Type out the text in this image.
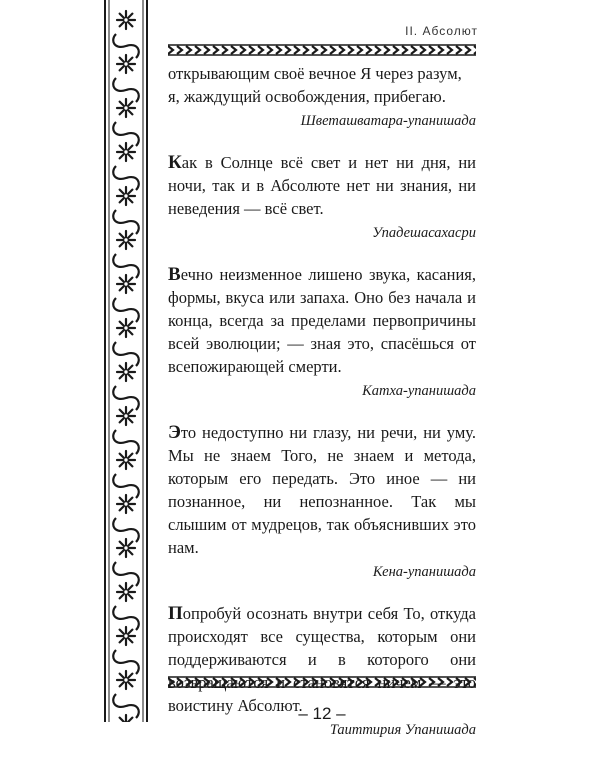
II. Абсолют

открывающим своё вечное Я через разум, я, жаждущий освобождения, прибегаю.

Шветашватара-упанишада

Как в Солнце всё свет и нет ни дня, ни ночи, так и в Абсолюте нет ни знания, ни неведения — всё свет.

Упадешасахасри

Вечно неизменное лишено звука, касания, формы, вкуса или запаха. Оно без начала и конца, всегда за пределами первопричины всей эволюции; — зная это, спасёшься от всепожирающей смерти.

Катха-упанишада

Это недоступно ни глазу, ни речи, ни уму. Мы не знаем Того, не знаем и метода, которым его передать. Это иное — ни познанное, ни непознанное. Так мы слышим от мудрецов, так объяснивших это нам.

Кена-упанишада

Попробуй осознать внутри себя То, откуда происходят все существа, которым они поддерживаются и в которого они возвращаются и становятся ничем — это воистину Абсолют.

Таиттирия Упанишада

– 12 –
